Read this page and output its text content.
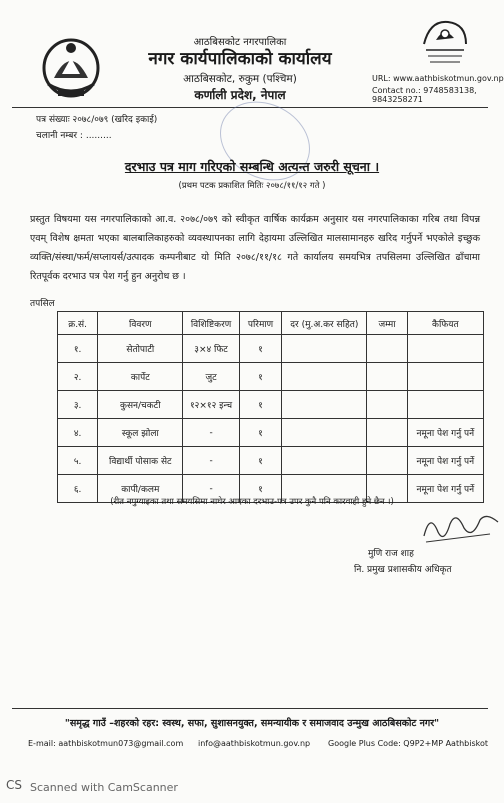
आठबिसकोट नगरपालिका
नगर कार्यपालिकाको कार्यालय
आठबिसकोट, रुकुम (पश्चिम)
कर्णाली प्रदेश, नेपाल
URL: www.aathbiskotmun.gov.np
Contact no.: 9748583138, 9843258271
पत्र संख्याः २०७८/०७९ (खरिद इकाई)
चलानी नम्बर : .........
दरभाउ पत्र माग गरिएको सम्बन्धि अत्यन्त जरुरी सूचना ।
(प्रथम पटक प्रकाशित मितिः २०७८/११/१२ गते )
प्रस्तुत विषयमा यस नगरपालिकाको आ.व. २०७८/०७९ को स्वीकृत वार्षिक कार्यक्रम अनुसार यस नगरपालिकाका गरिब तथा विपन्न एवम् विशेष क्षमता भएका बालबालिकाहरुको व्यवस्थापनका लागि देहायमा उल्लिखित मालसामानहरु खरिद गर्नुपर्ने भएकोले इच्छुक व्यक्ति/संस्था/फर्म/सप्लायर्स/उत्पादक कम्पनीबाट यो मिति २०७८/११/१८ गते कार्यालय समयभित्र तपसिलमा उल्लिखित ढाँचामा रितपूर्वक दरभाउ पत्र पेश गर्नु हुन अनुरोध छ ।
तपसिल
क्र.सं.	विवरण	विशिष्टिकरण	परिमाण	दर (मु.अ.कर सहित)	जम्मा	कैफियत
१.	सेतोपाटी	३×४ फिट	१			
२.	कार्पेट	जुट	१			
३.	कुसन/चकटी	१२×१२ इन्च	१			
४.	स्कूल झोला	-	१			नमूना पेश गर्नु पर्ने
५.	विद्यार्थी पोसाक सेट	-	१			नमूना पेश गर्नु पर्ने
६.	कापी/कलम	-	१			नमूना पेश गर्नु पर्ने
(रीत नपुग्याइका तथा समयसिमा नाघेर आएका दरभाउ-पत्र उपर कुनै पनि कारवाही हुने छैन ।)
मुणि राज शाह
नि. प्रमुख प्रशासकीय अधिकृत
"समृद्ध गाउँ –शहरको रहर: स्वस्थ, सफा, सुशासनयुक्त, समन्यायीक र समाजवाद उन्मुख आठबिसकोट नगर"
E-mail: aathbiskotmun073@gmail.com info@aathbiskotmun.gov.np Google Plus Code: Q9P2+MP Aathbiskot
CS Scanned with CamScanner
